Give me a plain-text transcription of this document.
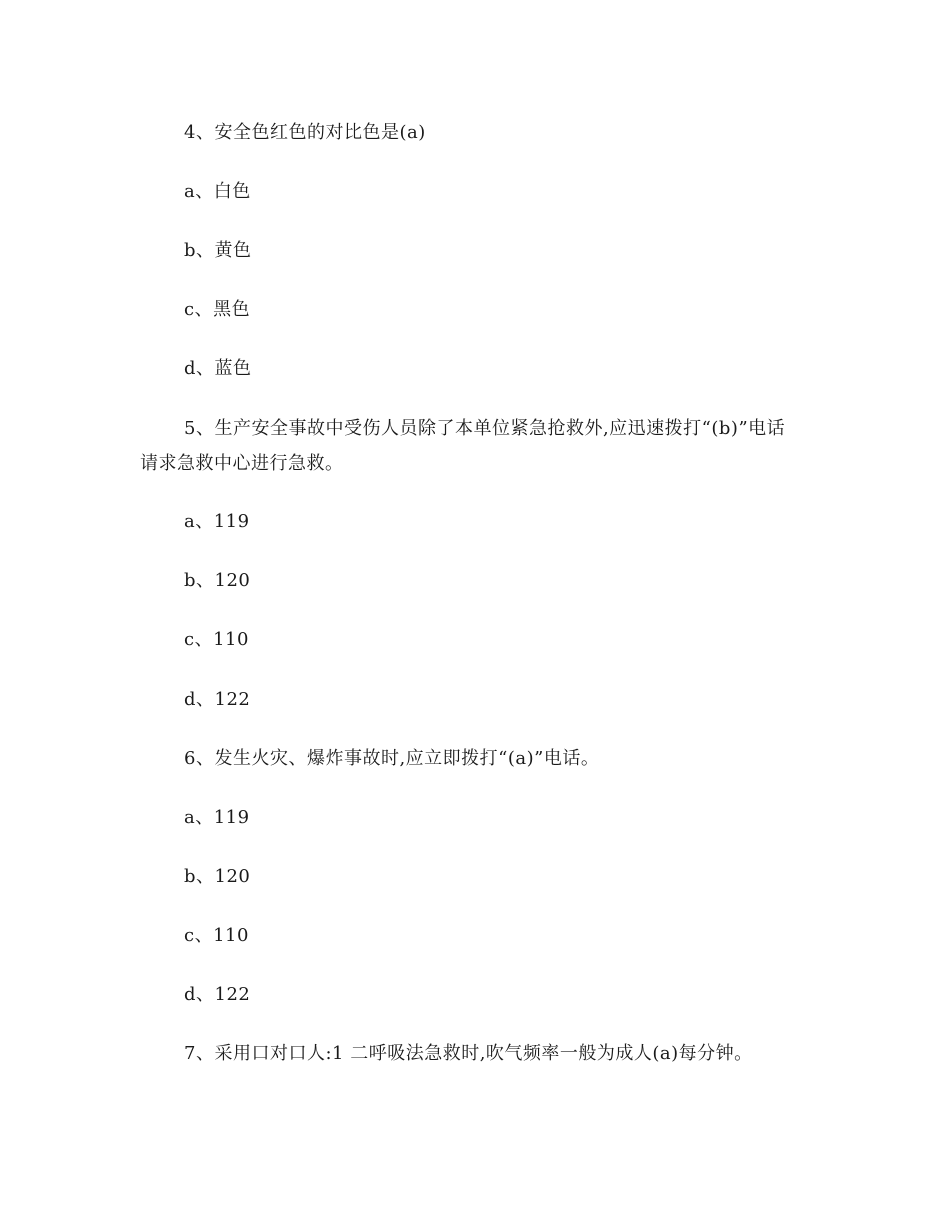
4、安全色红色的对比色是(a)
a、白色
b、黄色
c、黑色
d、蓝色
5、生产安全事故中受伤人员除了本单位紧急抢救外,应迅速拨打“(b)”电话
请求急救中心进行急救。
a、119
b、120
c、110
d、122
6、发生火灾、爆炸事故时,应立即拨打“(a)”电话。
a、119
b、120
c、110
d、122
7、采用口对口人:1 二呼吸法急救时,吹气频率一般为成人(a)每分钟。
